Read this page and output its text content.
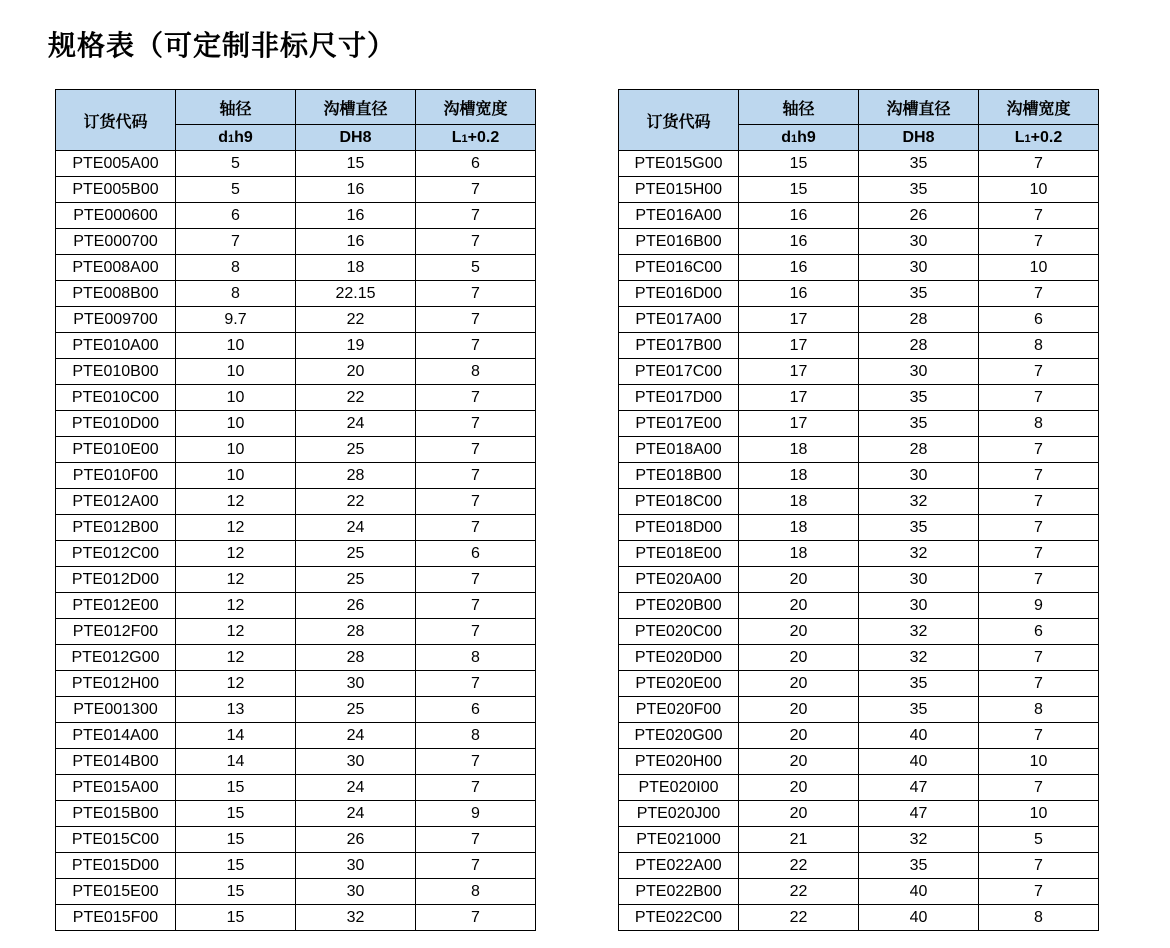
规格表（可定制非标尺寸）
订货代码	轴径	沟槽直径	沟槽宽度
	d1h9	DH8	L1+0.2
PTE005A00	5	15	6
PTE005B00	5	16	7
PTE000600	6	16	7
PTE000700	7	16	7
PTE008A00	8	18	5
PTE008B00	8	22.15	7
PTE009700	9.7	22	7
PTE010A00	10	19	7
PTE010B00	10	20	8
PTE010C00	10	22	7
PTE010D00	10	24	7
PTE010E00	10	25	7
PTE010F00	10	28	7
PTE012A00	12	22	7
PTE012B00	12	24	7
PTE012C00	12	25	6
PTE012D00	12	25	7
PTE012E00	12	26	7
PTE012F00	12	28	7
PTE012G00	12	28	8
PTE012H00	12	30	7
PTE001300	13	25	6
PTE014A00	14	24	8
PTE014B00	14	30	7
PTE015A00	15	24	7
PTE015B00	15	24	9
PTE015C00	15	26	7
PTE015D00	15	30	7
PTE015E00	15	30	8
PTE015F00	15	32	7
订货代码	轴径	沟槽直径	沟槽宽度
	d1h9	DH8	L1+0.2
PTE015G00	15	35	7
PTE015H00	15	35	10
PTE016A00	16	26	7
PTE016B00	16	30	7
PTE016C00	16	30	10
PTE016D00	16	35	7
PTE017A00	17	28	6
PTE017B00	17	28	8
PTE017C00	17	30	7
PTE017D00	17	35	7
PTE017E00	17	35	8
PTE018A00	18	28	7
PTE018B00	18	30	7
PTE018C00	18	32	7
PTE018D00	18	35	7
PTE018E00	18	32	7
PTE020A00	20	30	7
PTE020B00	20	30	9
PTE020C00	20	32	6
PTE020D00	20	32	7
PTE020E00	20	35	7
PTE020F00	20	35	8
PTE020G00	20	40	7
PTE020H00	20	40	10
PTE020I00	20	47	7
PTE020J00	20	47	10
PTE021000	21	32	5
PTE022A00	22	35	7
PTE022B00	22	40	7
PTE022C00	22	40	8
